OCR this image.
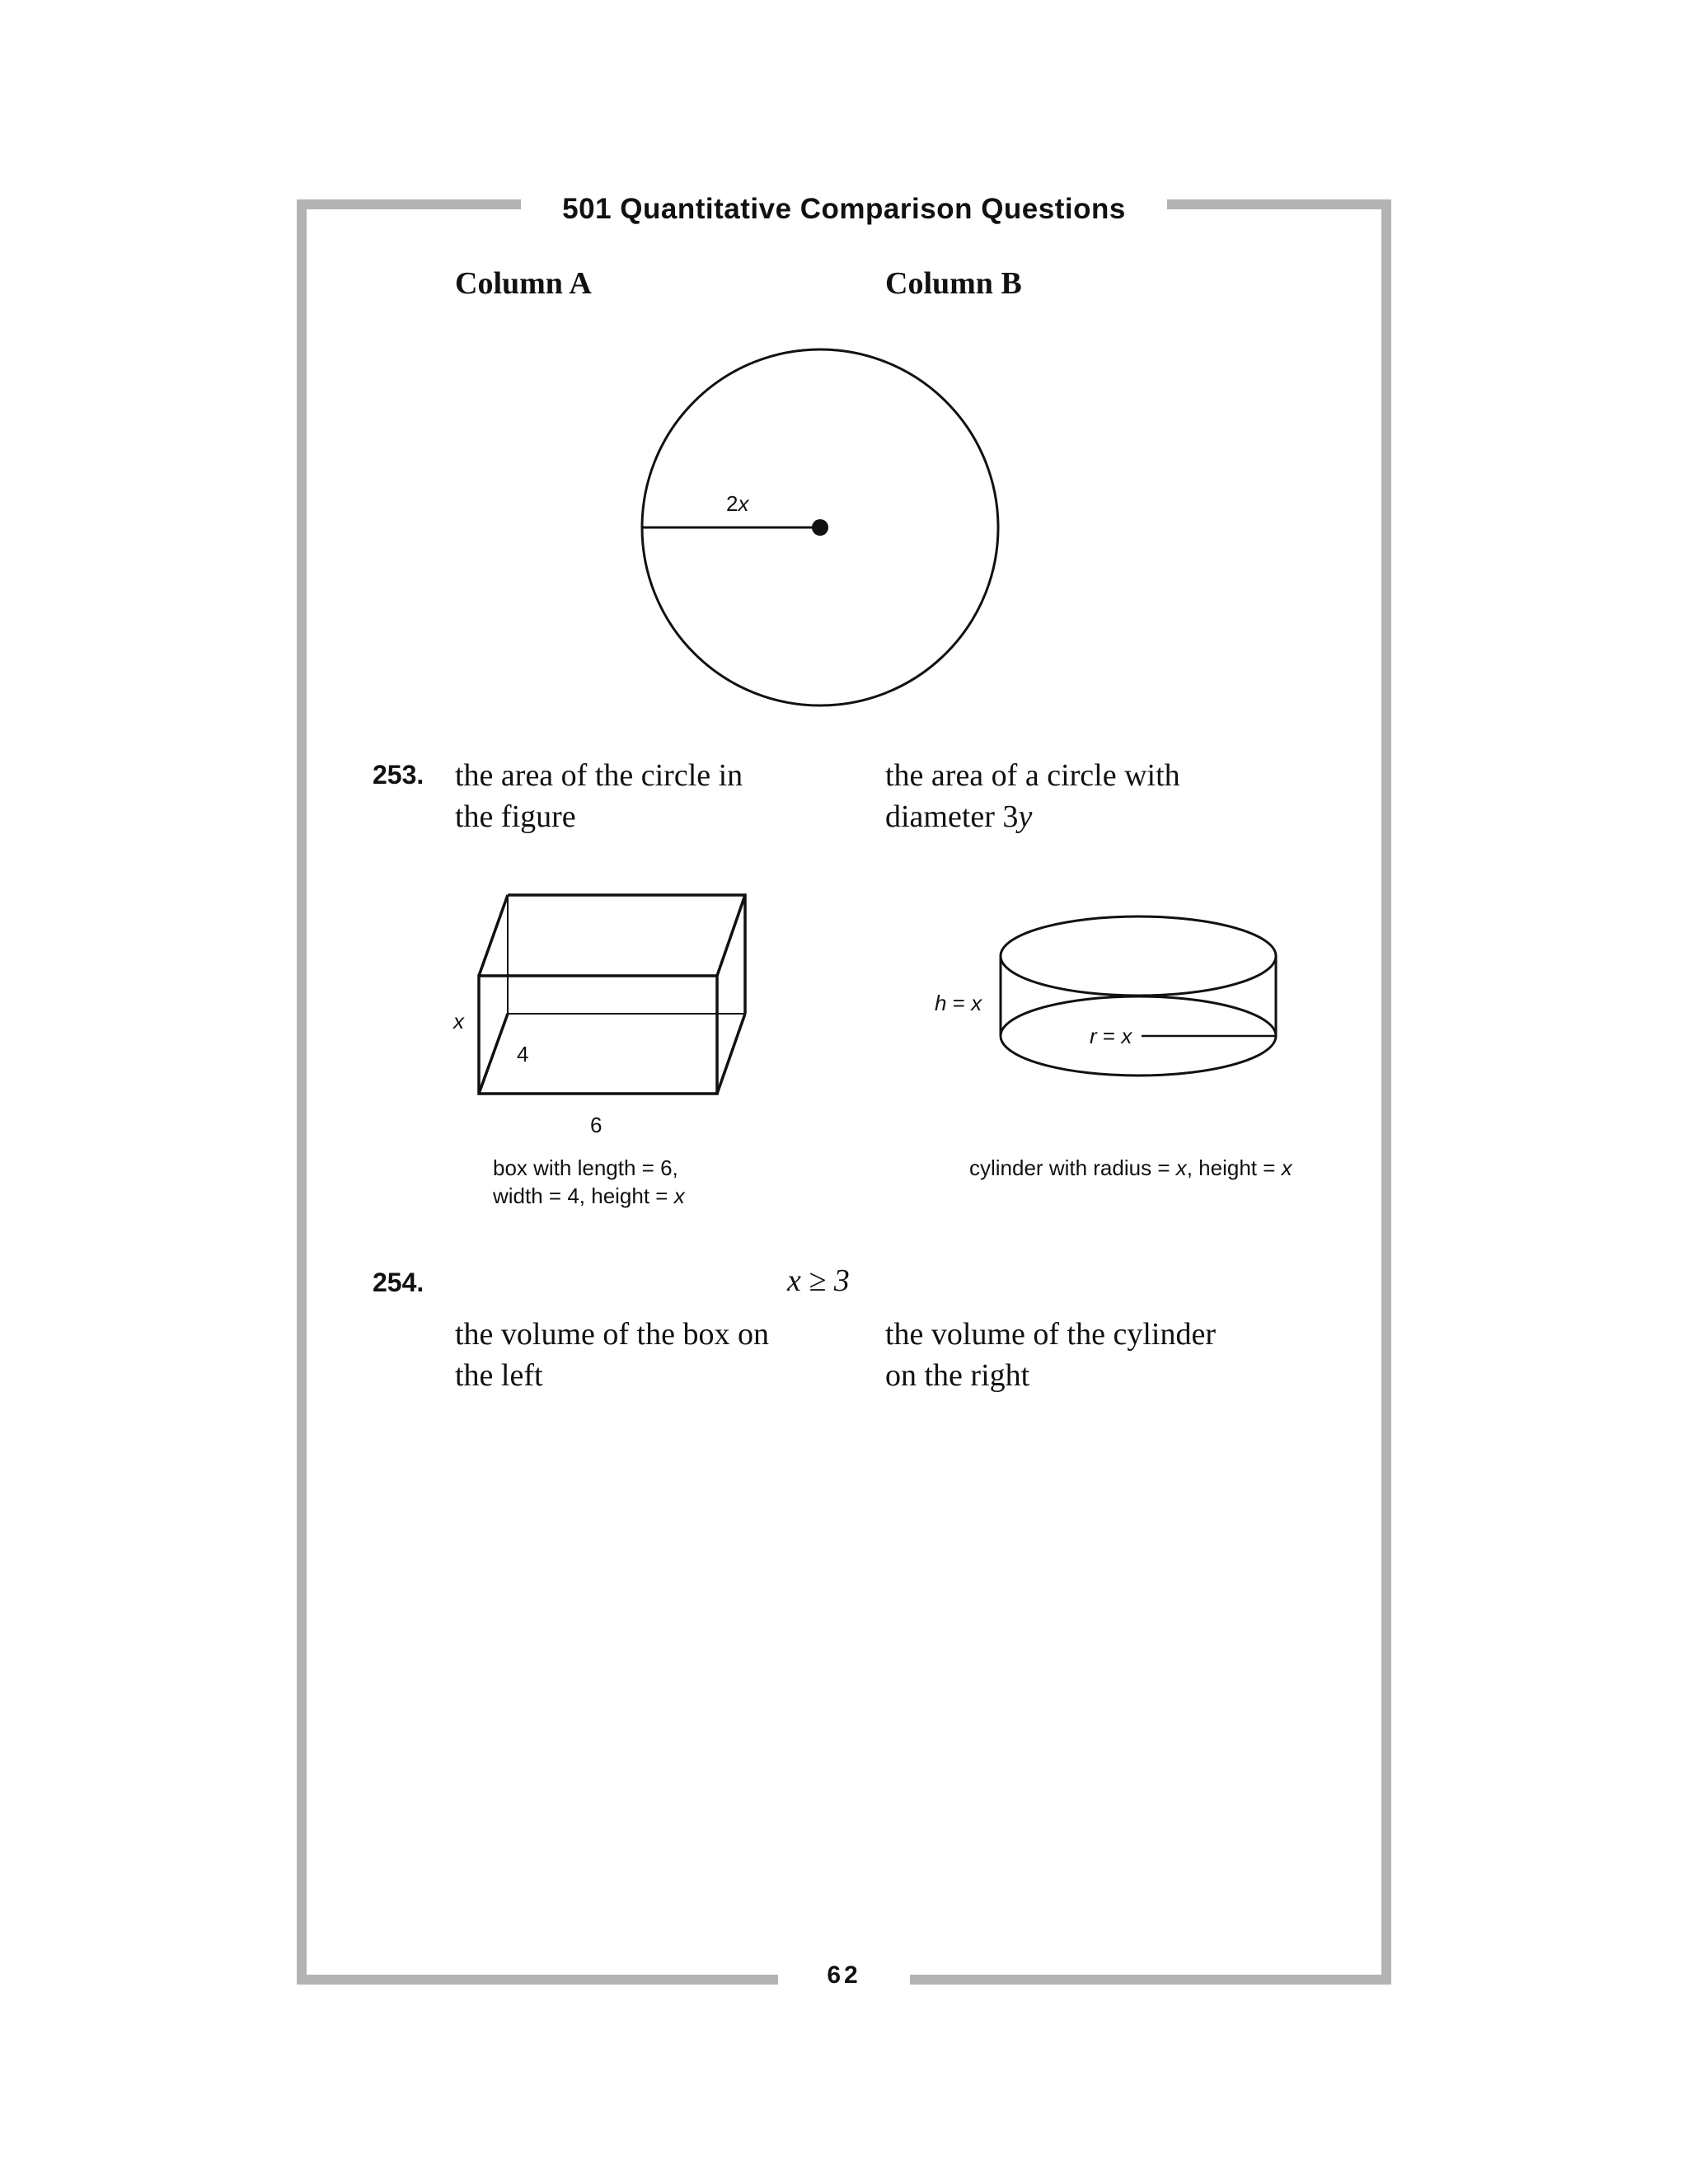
501 Quantitative Comparison Questions
Column A	Column B
2x
253. the area of the circle in the figure
the area of a circle with
diameter 3y
x
4
6
box with length = 6,
width = 4, height = x
h = x
r = x
cylinder with radius = x, height = x
254.	x ≥ 3
the volume of the box on the left
the volume of the cylinder on the right
62
